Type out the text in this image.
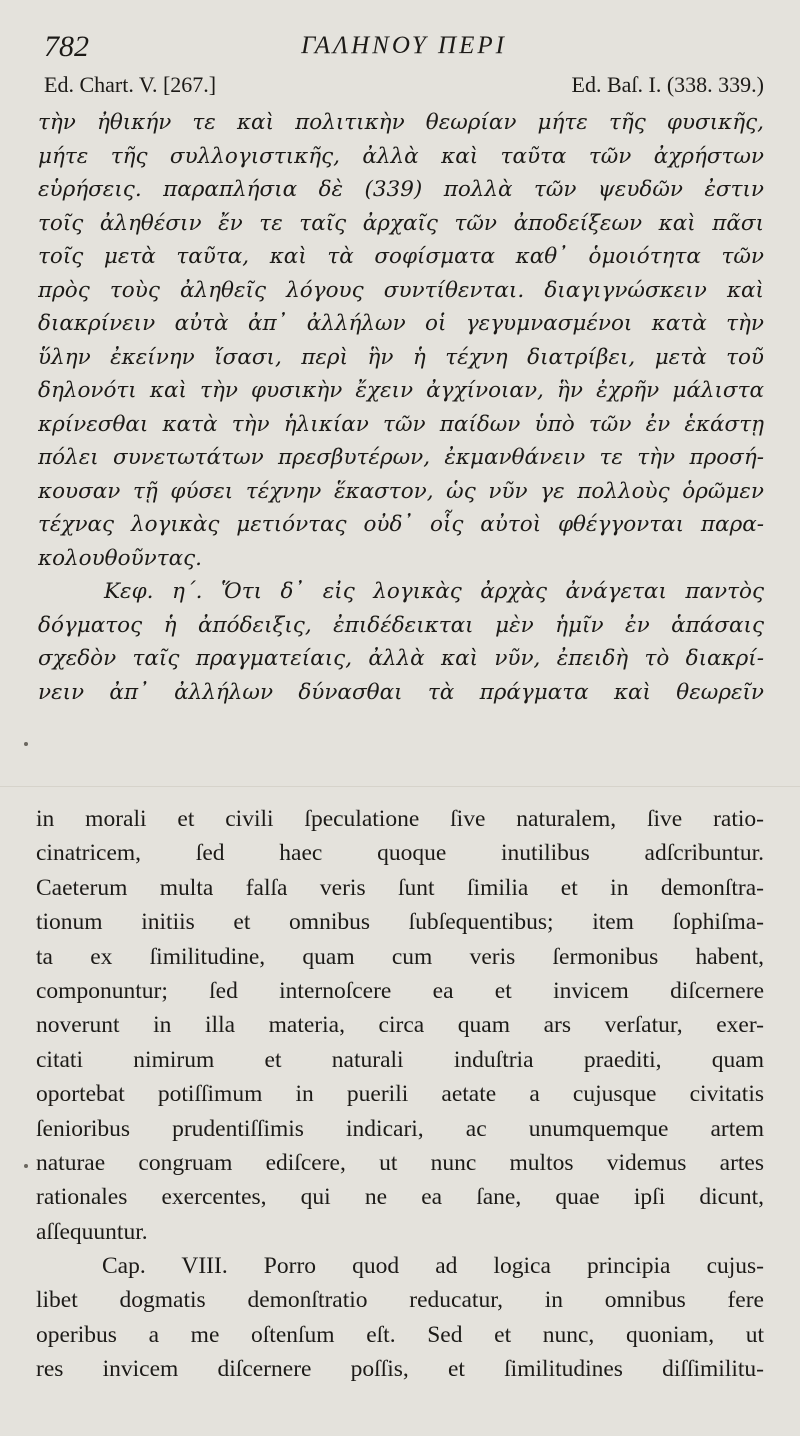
782	ΓΑΛΗΝΟΥ ΠΕΡΙ
Ed. Chart. V. [267.]	Ed. Baſ. I. (338. 339.)
τὴν ἠθικήν τε καὶ πολιτικὴν θεωρίαν μήτε τῆς φυσικῆς,
μήτε τῆς συλλογιστικῆς, ἀλλὰ καὶ ταῦτα τῶν ἀχρήστων
εὑρήσεις. παραπλήσια δὲ (339) πολλὰ τῶν ψευδῶν ἐστιν
τοῖς ἀληθέσιν ἔν τε ταῖς ἀρχαῖς τῶν ἀποδείξεων καὶ πᾶσι
τοῖς μετὰ ταῦτα, καὶ τὰ σοφίσματα καθ᾽ ὁμοιότητα τῶν
πρὸς τοὺς ἀληθεῖς λόγους συντίθενται. διαγιγνώσκειν καὶ
διακρίνειν αὐτὰ ἀπ᾽ ἀλλήλων οἱ γεγυμνασμένοι κατὰ τὴν
ὕλην ἐκείνην ἴσασι, περὶ ἣν ἡ τέχνη διατρίβει, μετὰ τοῦ
δηλονότι καὶ τὴν φυσικὴν ἔχειν ἀγχίνοιαν, ἣν ἐχρῆν μάλιστα
κρίνεσθαι κατὰ τὴν ἡλικίαν τῶν παίδων ὑπὸ τῶν ἐν ἑκάστῃ
πόλει συνετωτάτων πρεσβυτέρων, ἐκμανθάνειν τε τὴν προσή-
κουσαν τῇ φύσει τέχνην ἕκαστον, ὡς νῦν γε πολλοὺς ὁρῶμεν
τέχνας λογικὰς μετιόντας οὐδ᾽ οἷς αὐτοὶ φθέγγονται παρα-
κολουθοῦντας.
Κεφ. η΄. Ὅτι δ᾽ εἰς λογικὰς ἀρχὰς ἀνάγεται παντὸς
δόγματος ἡ ἀπόδειξις, ἐπιδέδεικται μὲν ἡμῖν ἐν ἁπάσαις
σχεδὸν ταῖς πραγματείαις, ἀλλὰ καὶ νῦν, ἐπειδὴ τὸ διακρί-
νειν ἀπ᾽ ἀλλήλων δύνασθαι τὰ πράγματα καὶ θεωρεῖν
in morali et civili ſpeculatione ſive naturalem, ſive ratio-
cinatricem, ſed haec quoque inutilibus adſcribuntur.
Caeterum multa falſa veris ſunt ſimilia et in demonſtra-
tionum initiis et omnibus ſubſequentibus; item ſophiſma-
ta ex ſimilitudine, quam cum veris ſermonibus habent,
componuntur; ſed internoſcere ea et invicem diſcernere
noverunt in illa materia, circa quam ars verſatur, exer-
citati nimirum et naturali induſtria praediti, quam
oportebat potiſſimum in puerili aetate a cujusque civitatis
ſenioribus prudentiſſimis indicari, ac unumquemque artem
naturae congruam ediſcere, ut nunc multos videmus artes
rationales exercentes, qui ne ea ſane, quae ipſi dicunt,
aſſequuntur.
Cap. VIII. Porro quod ad logica principia cujus-
libet dogmatis demonſtratio reducatur, in omnibus fere
operibus a me oſtenſum eſt. Sed et nunc, quoniam, ut
res invicem diſcernere poſſis, et ſimilitudines diſſimilitu-
